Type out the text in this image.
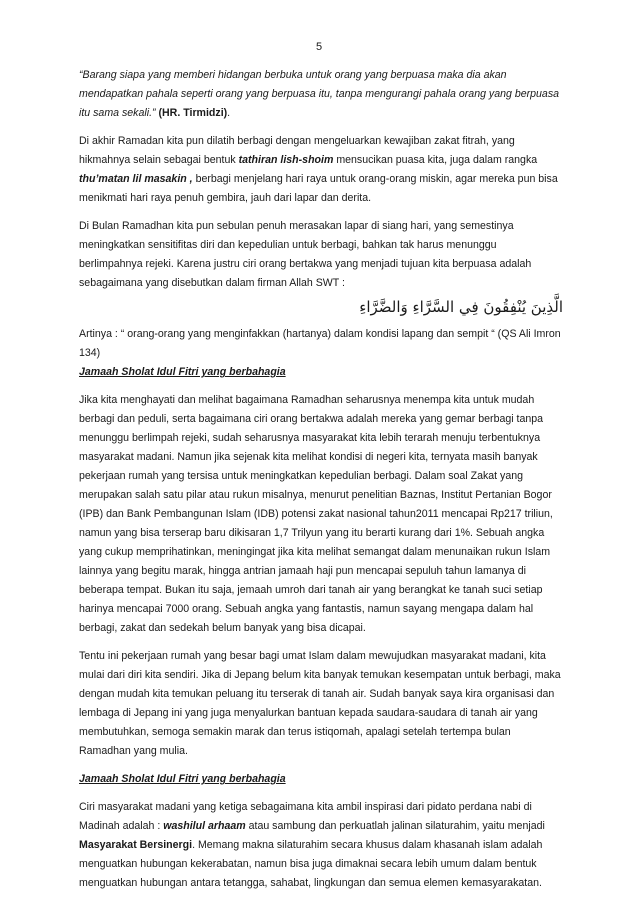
5

“Barang siapa yang memberi hidangan berbuka untuk orang yang berpuasa maka dia akan mendapatkan pahala seperti orang yang berpuasa itu, tanpa mengurangi pahala orang yang berpuasa itu sama sekali.” (HR. Tirmidzi).

Di akhir Ramadan kita pun dilatih berbagi dengan mengeluarkan kewajiban zakat fitrah, yang hikmahnya selain sebagai bentuk tathiran lish-shoim mensucikan puasa kita, juga dalam rangka thu’matan lil masakin , berbagi menjelang hari raya untuk orang-orang miskin, agar mereka pun bisa menikmati hari raya penuh gembira, jauh dari lapar dan derita.

Di Bulan Ramadhan kita pun sebulan penuh merasakan lapar di siang hari, yang semestinya meningkatkan sensitifitas diri dan kepedulian untuk berbagi, bahkan tak harus menunggu berlimpahnya rejeki. Karena justru ciri orang bertakwa yang menjadi tujuan kita berpuasa adalah sebagaimana yang disebutkan dalam firman Allah SWT :

الَّذِينَ يُنْفِقُونَ فِي السَّرَّاءِ وَالضَّرَّاءِ

Artinya : “ orang-orang yang menginfakkan (hartanya) dalam kondisi lapang dan sempit “ (QS Ali Imron 134)

Jamaah Sholat Idul Fitri yang berbahagia

Jika kita menghayati dan melihat bagaimana Ramadhan seharusnya menempa kita untuk mudah berbagi dan peduli, serta bagaimana ciri orang bertakwa adalah mereka yang gemar berbagi tanpa menunggu berlimpah rejeki, sudah seharusnya masyarakat kita lebih terarah menuju terbentuknya masyarakat madani. Namun jika sejenak kita melihat kondisi di negeri kita, ternyata masih banyak pekerjaan rumah yang tersisa untuk meningkatkan kepedulian berbagi. Dalam soal Zakat yang merupakan salah satu pilar atau rukun misalnya, menurut penelitian Baznas, Institut Pertanian Bogor (IPB) dan Bank Pembangunan Islam (IDB) potensi zakat nasional tahun2011 mencapai Rp217 triliun, namun yang bisa terserap baru dikisaran 1,7 Trilyun yang itu berarti kurang dari 1%. Sebuah angka yang cukup memprihatinkan, meningingat jika kita melihat semangat dalam menunaikan rukun Islam lainnya yang begitu marak, hingga antrian jamaah haji pun mencapai sepuluh tahun lamanya di beberapa tempat. Bukan itu saja, jemaah umroh dari tanah air yang berangkat ke tanah suci setiap harinya mencapai 7000 orang. Sebuah angka yang fantastis, namun sayang mengapa dalam hal berbagi, zakat dan sedekah belum banyak yang bisa dicapai.

Tentu ini pekerjaan rumah yang besar bagi umat Islam dalam mewujudkan masyarakat madani, kita mulai dari diri kita sendiri. Jika di Jepang belum kita banyak temukan kesempatan untuk berbagi, maka dengan mudah kita temukan peluang itu terserak di tanah air. Sudah banyak saya kira organisasi dan lembaga di Jepang ini yang juga menyalurkan bantuan kepada saudara-saudara di tanah air yang membutuhkan, semoga semakin marak dan terus istiqomah, apalagi setelah tertempa bulan Ramadhan yang mulia.

Jamaah Sholat Idul Fitri yang berbahagia

Ciri masyarakat madani yang ketiga sebagaimana kita ambil inspirasi dari pidato perdana nabi di Madinah adalah : washilul arhaam atau sambung dan perkuatlah jalinan silaturahim, yaitu menjadi Masyarakat Bersinergi. Memang makna silaturahim secara khusus dalam khasanah islam adalah menguatkan hubungan kekerabatan, namun bisa juga dimaknai secara lebih umum dalam bentuk menguatkan hubungan antara tetangga, sahabat, lingkungan dan semua elemen kemasyarakatan.
